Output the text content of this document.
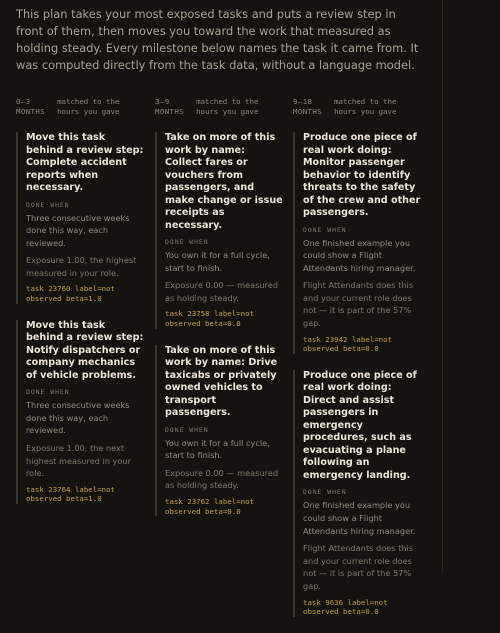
This plan takes your most exposed tasks and puts a review step in front of them, then moves you toward the work that measured as holding steady. Every milestone below names the task it came from. It was computed directly from the task data, without a language model.

0–3 MONTHS
matched to the hours you gave
Move this task behind a review step: Complete accident reports when necessary.
DONE WHEN
Three consecutive weeks done this way, each reviewed.
Exposure 1.00, the highest measured in your role.
task 23760 label=not observed beta=1.0
Move this task behind a review step: Notify dispatchers or company mechanics of vehicle problems.
DONE WHEN
Three consecutive weeks done this way, each reviewed.
Exposure 1.00, the next highest measured in your role.
task 23764 label=not observed beta=1.0
3–9 MONTHS
matched to the hours you gave
Take on more of this work by name: Collect fares or vouchers from passengers, and make change or issue receipts as necessary.
DONE WHEN
You own it for a full cycle, start to finish.
Exposure 0.00 — measured as holding steady.
task 23758 label=not observed beta=0.0
Take on more of this work by name: Drive taxicabs or privately owned vehicles to transport passengers.
DONE WHEN
You own it for a full cycle, start to finish.
Exposure 0.00 — measured as holding steady.
task 23762 label=not observed beta=0.0
9–18 MONTHS
matched to the hours you gave
Produce one piece of real work doing: Monitor passenger behavior to identify threats to the safety of the crew and other passengers.
DONE WHEN
One finished example you could show a Flight Attendants hiring manager.
Flight Attendants does this and your current role does not — it is part of the 57% gap.
task 23942 label=not observed beta=0.0
Produce one piece of real work doing: Direct and assist passengers in emergency procedures, such as evacuating a plane following an emergency landing.
DONE WHEN
One finished example you could show a Flight Attendants hiring manager.
Flight Attendants does this and your current role does not — it is part of the 57% gap.
task 9636 label=not observed beta=0.0
